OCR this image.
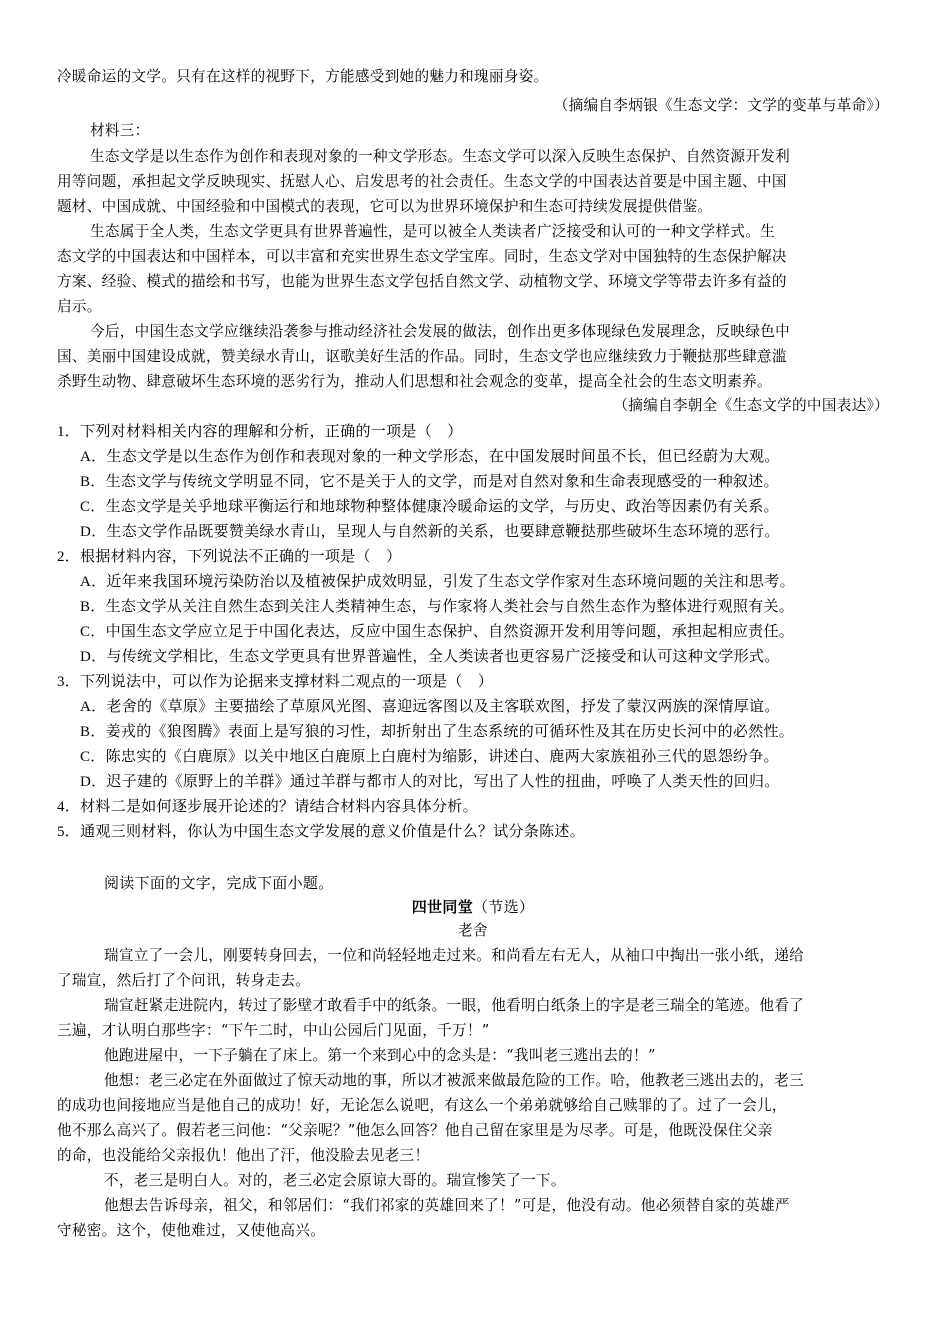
冷暖命运的文学。只有在这样的视野下，方能感受到她的魅力和瑰丽身姿。
（摘编自李炳银《生态文学：文学的变革与革命》）
材料三：
生态文学是以生态作为创作和表现对象的一种文学形态。生态文学可以深入反映生态保护、自然资源开发利
用等问题，承担起文学反映现实、抚慰人心、启发思考的社会责任。生态文学的中国表达首要是中国主题、中国
题材、中国成就、中国经验和中国模式的表现，它可以为世界环境保护和生态可持续发展提供借鉴。
生态属于全人类，生态文学更具有世界普遍性，是可以被全人类读者广泛接受和认可的一种文学样式。生
态文学的中国表达和中国样本，可以丰富和充实世界生态文学宝库。同时，生态文学对中国独特的生态保护解决
方案、经验、模式的描绘和书写，也能为世界生态文学包括自然文学、动植物文学、环境文学等带去许多有益的
启示。
今后，中国生态文学应继续沿袭参与推动经济社会发展的做法，创作出更多体现绿色发展理念，反映绿色中
国、美丽中国建设成就，赞美绿水青山，讴歌美好生活的作品。同时，生态文学也应继续致力于鞭挞那些肆意滥
杀野生动物、肆意破坏生态环境的恶劣行为，推动人们思想和社会观念的变革，提高全社会的生态文明素养。
（摘编自李朝全《生态文学的中国表达》）
1．下列对材料相关内容的理解和分析，正确的一项是（　）
A．生态文学是以生态作为创作和表现对象的一种文学形态，在中国发展时间虽不长，但已经蔚为大观。
B．生态文学与传统文学明显不同，它不是关于人的文学，而是对自然对象和生命表现感受的一种叙述。
C．生态文学是关乎地球平衡运行和地球物种整体健康冷暖命运的文学，与历史、政治等因素仍有关系。
D．生态文学作品既要赞美绿水青山，呈现人与自然新的关系，也要肆意鞭挞那些破坏生态环境的恶行。
2．根据材料内容，下列说法不正确的一项是（　）
A．近年来我国环境污染防治以及植被保护成效明显，引发了生态文学作家对生态环境问题的关注和思考。
B．生态文学从关注自然生态到关注人类精神生态，与作家将人类社会与自然生态作为整体进行观照有关。
C．中国生态文学应立足于中国化表达，反应中国生态保护、自然资源开发利用等问题，承担起相应责任。
D．与传统文学相比，生态文学更具有世界普遍性，全人类读者也更容易广泛接受和认可这种文学形式。
3．下列说法中，可以作为论据来支撑材料二观点的一项是（　）
A．老舍的《草原》主要描绘了草原风光图、喜迎远客图以及主客联欢图，抒发了蒙汉两族的深情厚谊。
B．姜戎的《狼图腾》表面上是写狼的习性，却折射出了生态系统的可循环性及其在历史长河中的必然性。
C．陈忠实的《白鹿原》以关中地区白鹿原上白鹿村为缩影，讲述白、鹿两大家族祖孙三代的恩怨纷争。
D．迟子建的《原野上的羊群》通过羊群与都市人的对比，写出了人性的扭曲，呼唤了人类天性的回归。
4．材料二是如何逐步展开论述的？请结合材料内容具体分析。
5．通观三则材料，你认为中国生态文学发展的意义价值是什么？试分条陈述。
阅读下面的文字，完成下面小题。
四世同堂（节选）
老舍
瑞宣立了一会儿，刚要转身回去，一位和尚轻轻地走过来。和尚看左右无人，从袖口中掏出一张小纸，递给
了瑞宣，然后打了个问讯，转身走去。
瑞宣赶紧走进院内，转过了影壁才敢看手中的纸条。一眼，他看明白纸条上的字是老三瑞全的笔迹。他看了
三遍，才认明白那些字：“下午二时，中山公园后门见面，千万！”
他跑进屋中，一下子躺在了床上。第一个来到心中的念头是：“我叫老三逃出去的！”
他想：老三必定在外面做过了惊天动地的事，所以才被派来做最危险的工作。哈，他教老三逃出去的，老三
的成功也间接地应当是他自己的成功！好，无论怎么说吧，有这么一个弟弟就够给自己赎罪的了。过了一会儿，
他不那么高兴了。假若老三问他：“父亲呢？”他怎么回答？他自己留在家里是为尽孝。可是，他既没保住父亲
的命，也没能给父亲报仇！他出了汗，他没脸去见老三！
不，老三是明白人。对的，老三必定会原谅大哥的。瑞宣惨笑了一下。
他想去告诉母亲，祖父，和邻居们：“我们祁家的英雄回来了！”可是，他没有动。他必须替自家的英雄严
守秘密。这个，使他难过，又使他高兴。
